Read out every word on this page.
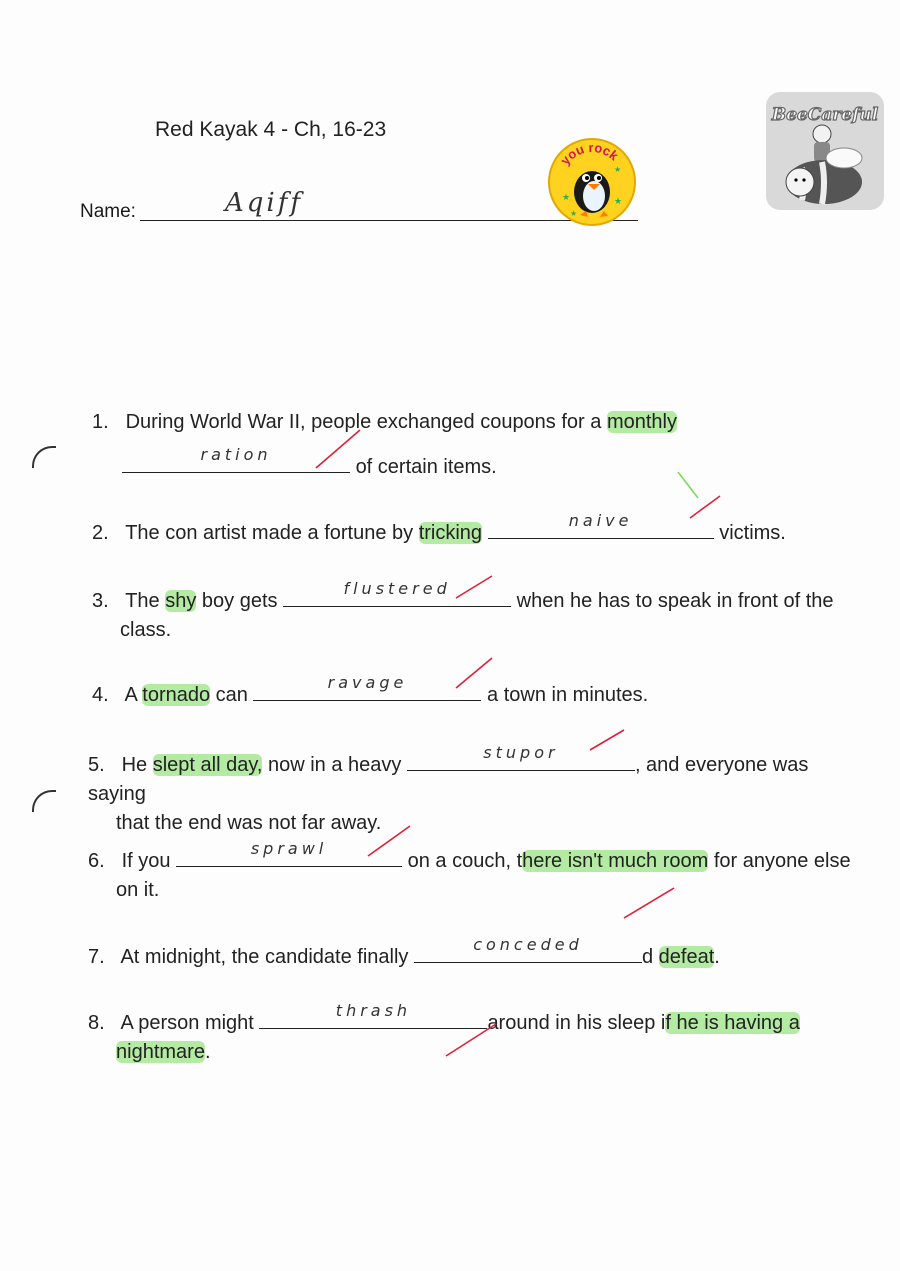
Red Kayak 4 - Ch, 16-23
Name:	Aqiff
you rock
★	★
★
★
BeeCareful
1. During World War II, people exchanged coupons for a monthly
ration
of certain items.
2. The con artist made a fortune by tricking
naive
victims.
3. The shy boy gets
flustered
when he has to speak in front of the
class.
4. A tornado can
ravage
a town in minutes.
5. He slept all day, now in a heavy
stupor
, and everyone was saying
that the end was not far away.
6. If you
sprawl
on a couch, there isn't much room for anyone else
on it.
7. At midnight, the candidate finally
conceded
d defeat.
8. A person might
thrash
around in his sleep if he is having a
nightmare.
